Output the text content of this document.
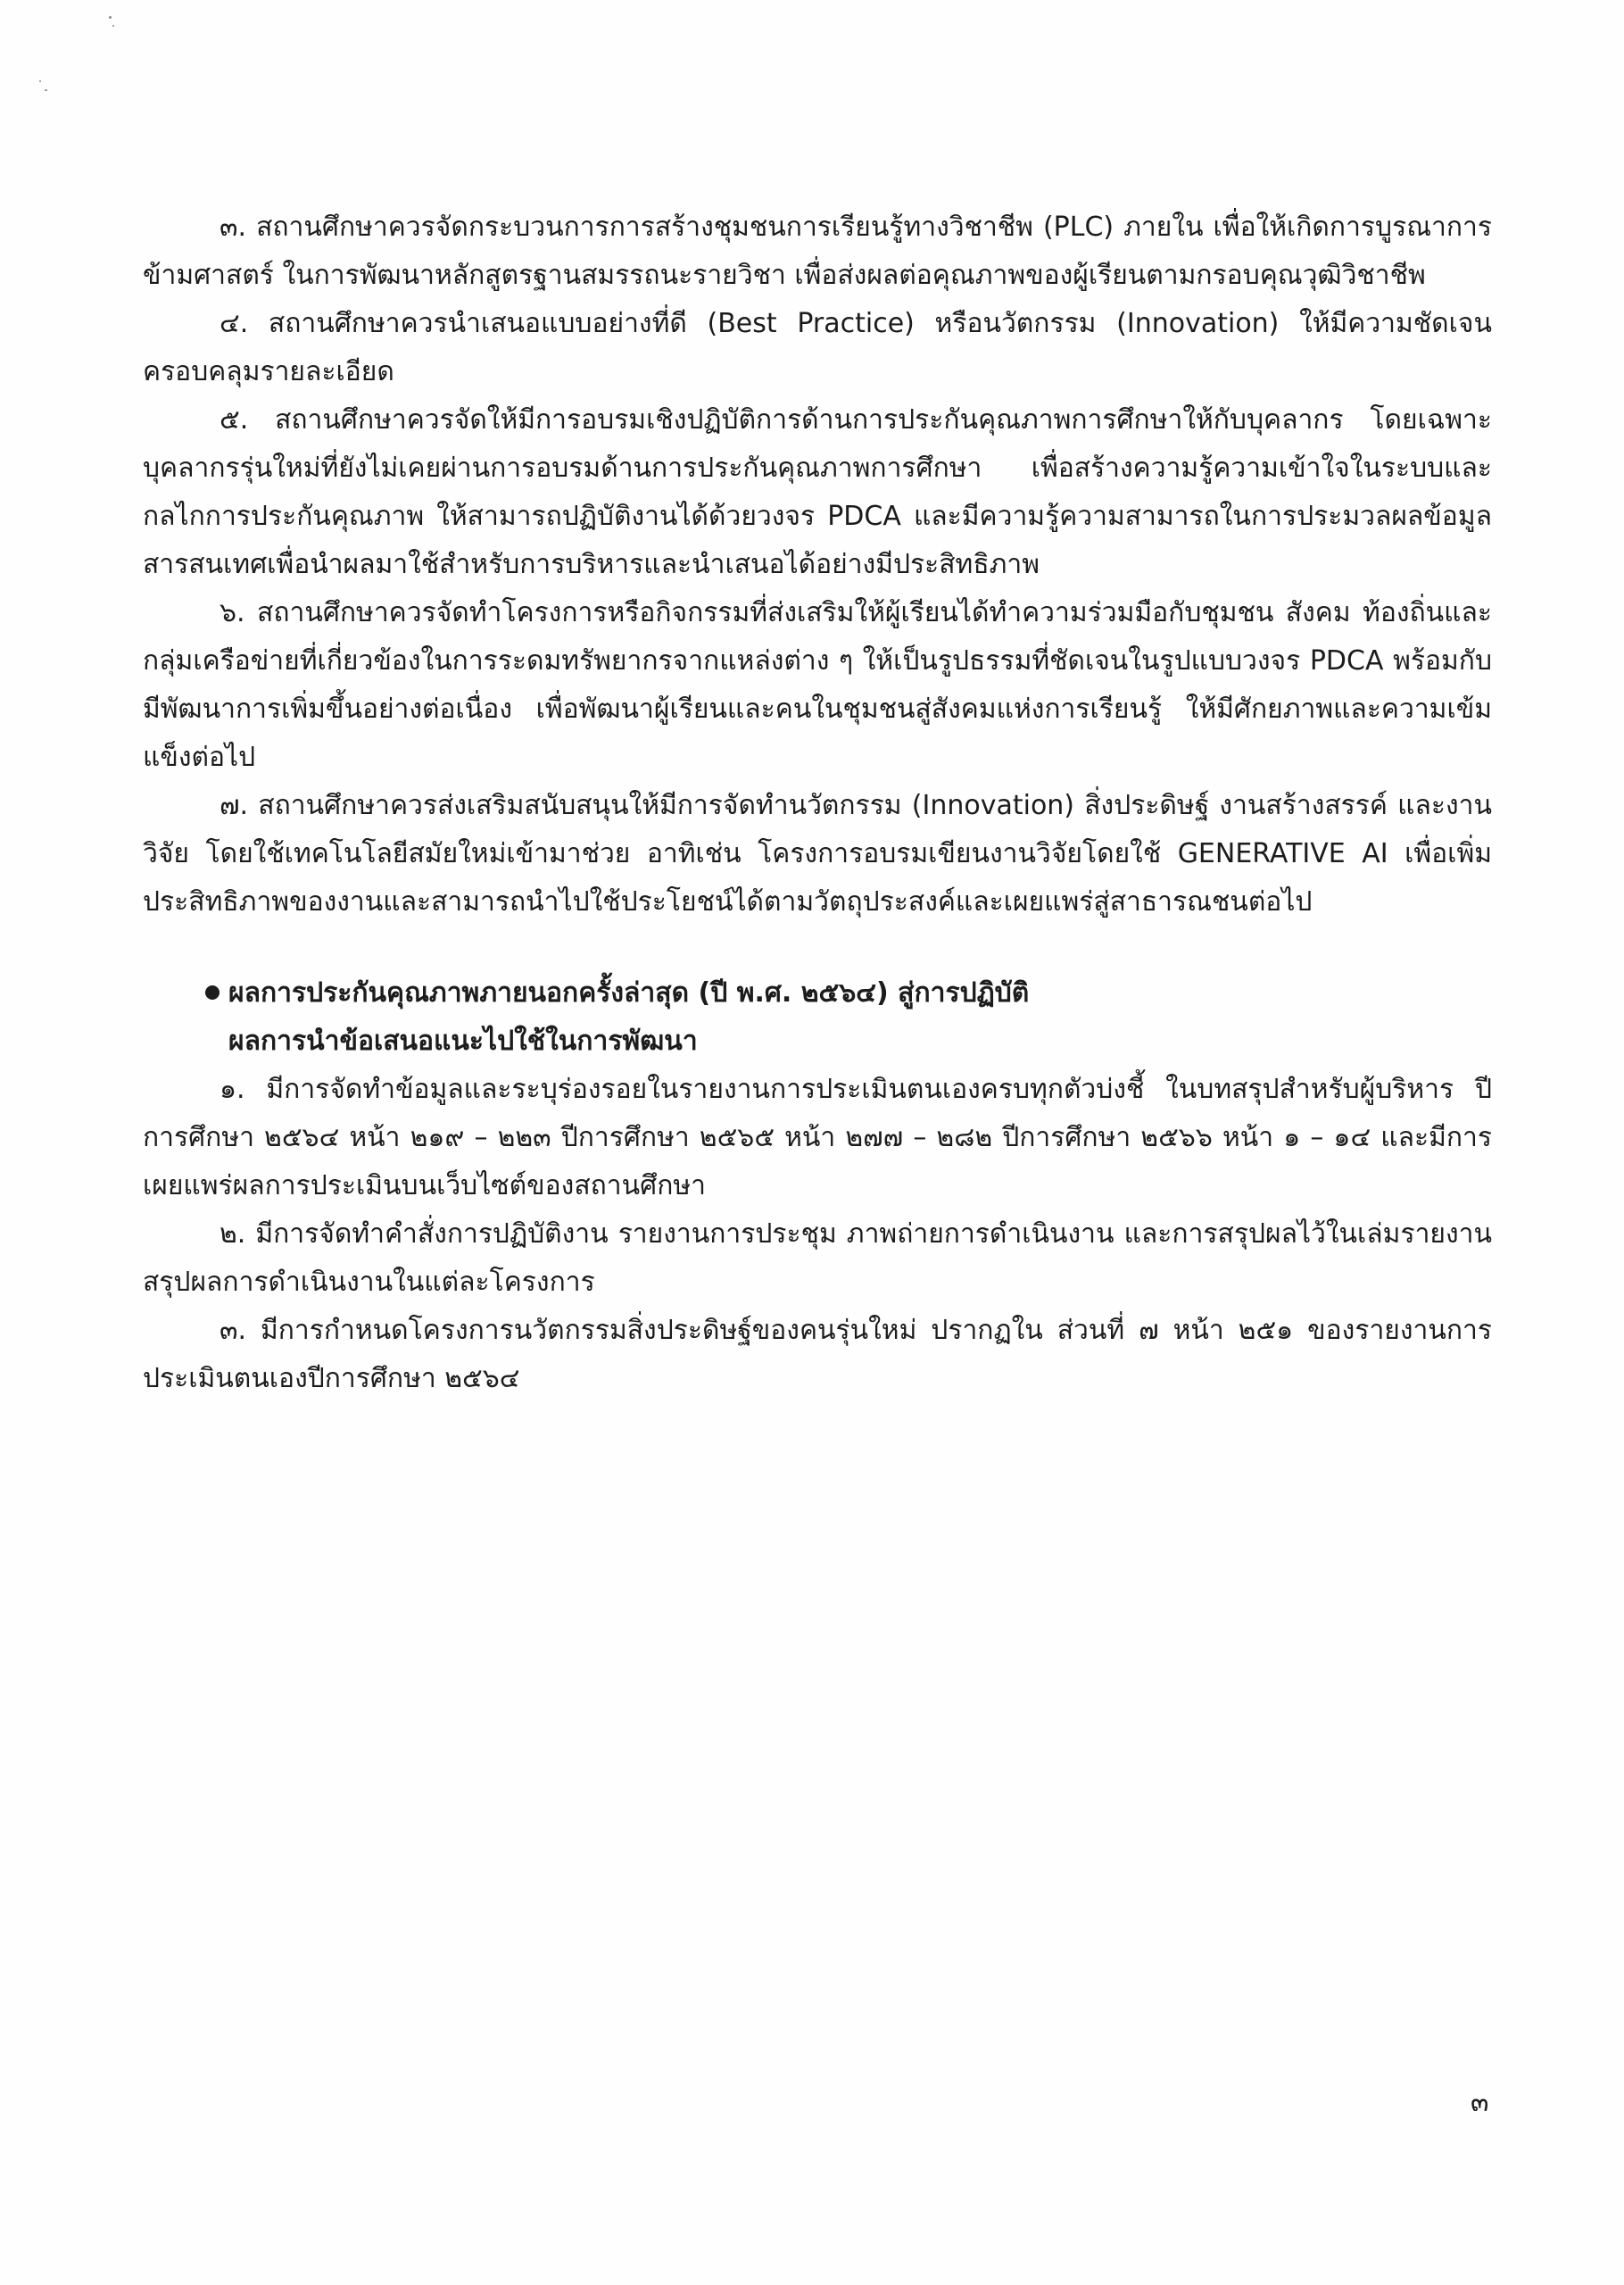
๓. สถานศึกษาควรจัดกระบวนการการสร้างชุมชนการเรียนรู้ทางวิชาชีพ (PLC) ภายใน เพื่อให้เกิดการบูรณาการข้ามศาสตร์ ในการพัฒนาหลักสูตรฐานสมรรถนะรายวิชา เพื่อส่งผลต่อคุณภาพของผู้เรียนตามกรอบคุณวุฒิวิชาชีพ

๔. สถานศึกษาควรนำเสนอแบบอย่างที่ดี (Best Practice) หรือนวัตกรรม (Innovation) ให้มีความชัดเจนครอบคลุมรายละเอียด

๕. สถานศึกษาควรจัดให้มีการอบรมเชิงปฏิบัติการด้านการประกันคุณภาพการศึกษาให้กับบุคลากร โดยเฉพาะบุคลากรรุ่นใหม่ที่ยังไม่เคยผ่านการอบรมด้านการประกันคุณภาพการศึกษา เพื่อสร้างความรู้ความเข้าใจในระบบและกลไกการประกันคุณภาพ ให้สามารถปฏิบัติงานได้ด้วยวงจร PDCA และมีความรู้ความสามารถในการประมวลผลข้อมูลสารสนเทศเพื่อนำผลมาใช้สำหรับการบริหารและนำเสนอได้อย่างมีประสิทธิภาพ

๖. สถานศึกษาควรจัดทำโครงการหรือกิจกรรมที่ส่งเสริมให้ผู้เรียนได้ทำความร่วมมือกับชุมชน สังคม ท้องถิ่นและกลุ่มเครือข่ายที่เกี่ยวข้องในการระดมทรัพยากรจากแหล่งต่าง ๆ ให้เป็นรูปธรรมที่ชัดเจนในรูปแบบวงจร PDCA พร้อมกับมีพัฒนาการเพิ่มขึ้นอย่างต่อเนื่อง เพื่อพัฒนาผู้เรียนและคนในชุมชนสู่สังคมแห่งการเรียนรู้ ให้มีศักยภาพและความเข้มแข็งต่อไป

๗. สถานศึกษาควรส่งเสริมสนับสนุนให้มีการจัดทำนวัตกรรม (Innovation) สิ่งประดิษฐ์ งานสร้างสรรค์ และงานวิจัย โดยใช้เทคโนโลยีสมัยใหม่เข้ามาช่วย อาทิเช่น โครงการอบรมเขียนงานวิจัยโดยใช้ GENERATIVE AI เพื่อเพิ่มประสิทธิภาพของงานและสามารถนำไปใช้ประโยชน์ได้ตามวัตถุประสงค์และเผยแพร่สู่สาธารณชนต่อไป

ผลการประกันคุณภาพภายนอกครั้งล่าสุด (ปี พ.ศ. ๒๕๖๔) สู่การปฏิบัติ
ผลการนำข้อเสนอแนะไปใช้ในการพัฒนา

๑. มีการจัดทำข้อมูลและระบุร่องรอยในรายงานการประเมินตนเองครบทุกตัวบ่งชี้ ในบทสรุปสำหรับผู้บริหาร ปีการศึกษา ๒๕๖๔ หน้า ๒๑๙ – ๒๒๓ ปีการศึกษา ๒๕๖๕ หน้า ๒๗๗ – ๒๘๒ ปีการศึกษา ๒๕๖๖ หน้า ๑ – ๑๔ และมีการเผยแพร่ผลการประเมินบนเว็บไซต์ของสถานศึกษา

๒. มีการจัดทำคำสั่งการปฏิบัติงาน รายงานการประชุม ภาพถ่ายการดำเนินงาน และการสรุปผลไว้ในเล่มรายงานสรุปผลการดำเนินงานในแต่ละโครงการ

๓. มีการกำหนดโครงการนวัตกรรมสิ่งประดิษฐ์ของคนรุ่นใหม่ ปรากฏใน ส่วนที่ ๗ หน้า ๒๕๑ ของรายงานการประเมินตนเองปีการศึกษา ๒๕๖๔

๓
